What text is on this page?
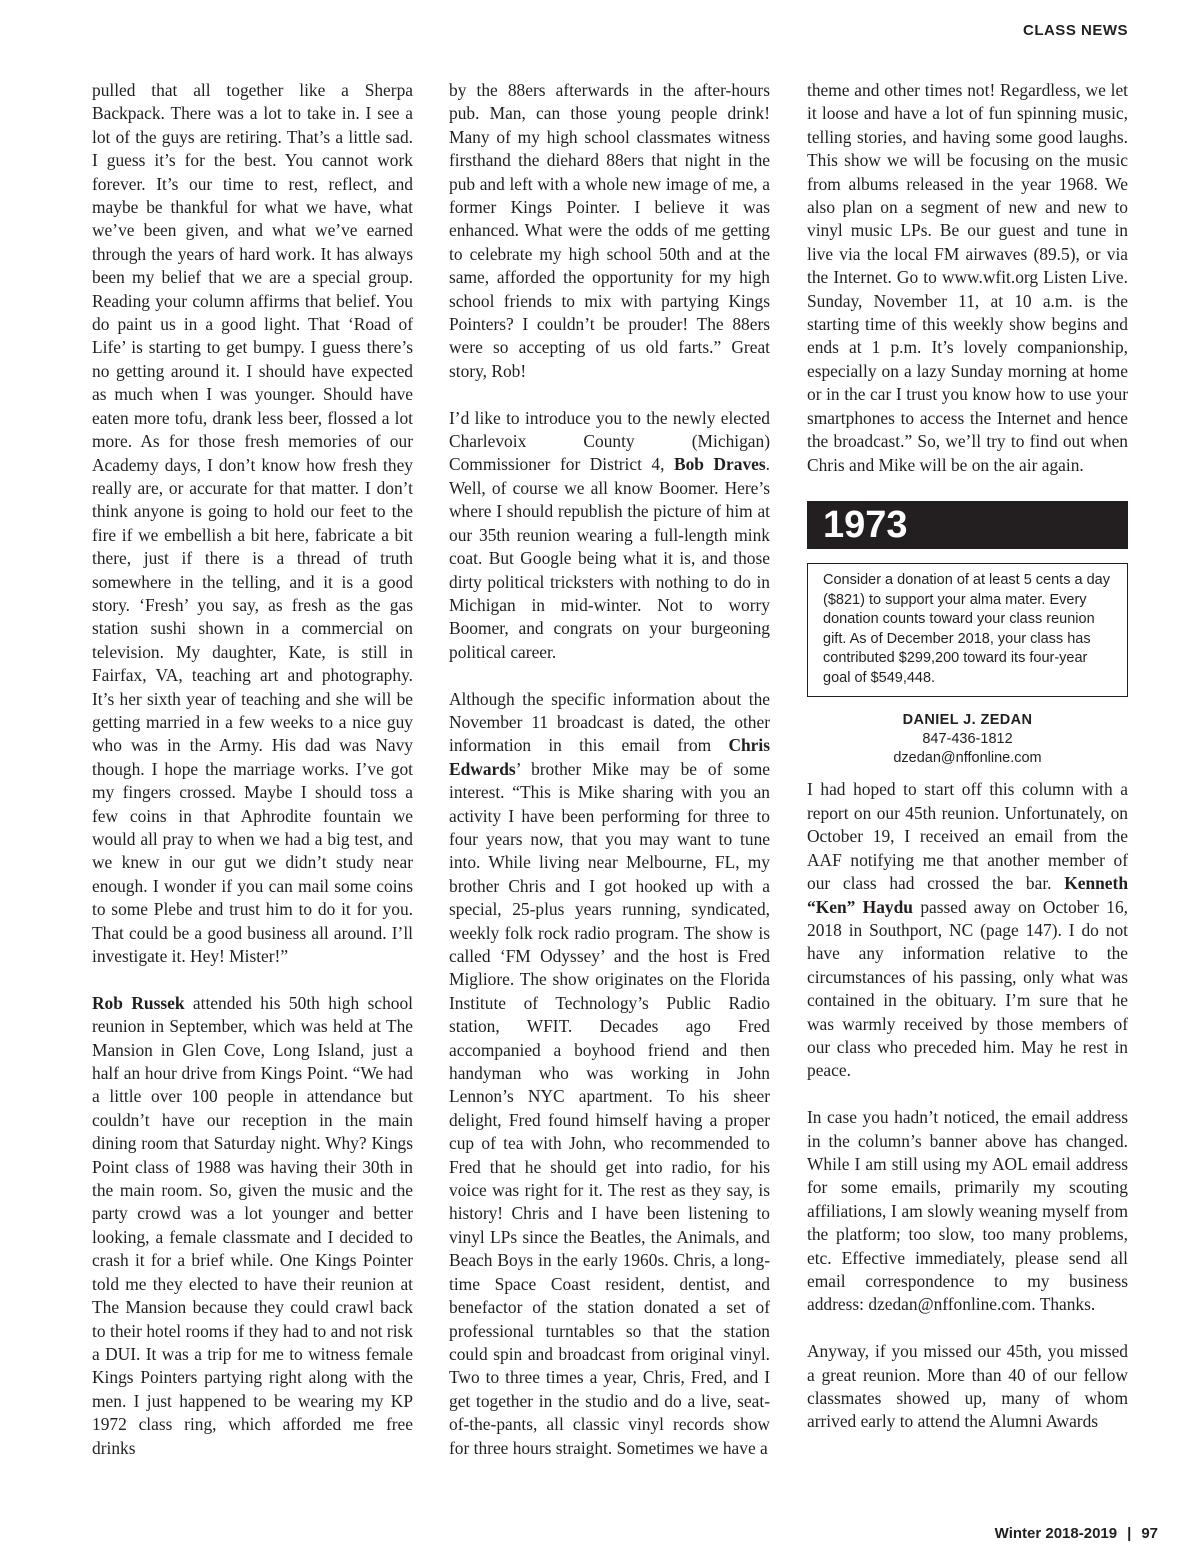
CLASS NEWS

pulled that all together like a Sherpa Backpack. There was a lot to take in. I see a lot of the guys are retiring. That’s a little sad. I guess it’s for the best. You cannot work forever. It’s our time to rest, reflect, and maybe be thankful for what we have, what we’ve been given, and what we’ve earned through the years of hard work. It has always been my belief that we are a special group. Reading your column affirms that belief. You do paint us in a good light. That ‘Road of Life’ is starting to get bumpy. I guess there’s no getting around it. I should have expected as much when I was younger. Should have eaten more tofu, drank less beer, flossed a lot more. As for those fresh memories of our Academy days, I don’t know how fresh they really are, or accurate for that matter. I don’t think anyone is going to hold our feet to the fire if we embellish a bit here, fabricate a bit there, just if there is a thread of truth somewhere in the telling, and it is a good story. ‘Fresh’ you say, as fresh as the gas station sushi shown in a commercial on television. My daughter, Kate, is still in Fairfax, VA, teaching art and photography. It’s her sixth year of teaching and she will be getting married in a few weeks to a nice guy who was in the Army. His dad was Navy though. I hope the marriage works. I’ve got my fingers crossed. Maybe I should toss a few coins in that Aphrodite fountain we would all pray to when we had a big test, and we knew in our gut we didn’t study near enough. I wonder if you can mail some coins to some Plebe and trust him to do it for you. That could be a good business all around. I’ll investigate it. Hey! Mister!”

Rob Russek attended his 50th high school reunion in September, which was held at The Mansion in Glen Cove, Long Island, just a half an hour drive from Kings Point. “We had a little over 100 people in attendance but couldn’t have our reception in the main dining room that Saturday night. Why? Kings Point class of 1988 was having their 30th in the main room. So, given the music and the party crowd was a lot younger and better looking, a female classmate and I decided to crash it for a brief while. One Kings Pointer told me they elected to have their reunion at The Mansion because they could crawl back to their hotel rooms if they had to and not risk a DUI. It was a trip for me to witness female Kings Pointers partying right along with the men. I just happened to be wearing my KP 1972 class ring, which afforded me free drinks

by the 88ers afterwards in the after-hours pub. Man, can those young people drink! Many of my high school classmates witness firsthand the diehard 88ers that night in the pub and left with a whole new image of me, a former Kings Pointer. I believe it was enhanced. What were the odds of me getting to celebrate my high school 50th and at the same, afforded the opportunity for my high school friends to mix with partying Kings Pointers? I couldn’t be prouder! The 88ers were so accepting of us old farts.” Great story, Rob!

I’d like to introduce you to the newly elected Charlevoix County (Michigan) Commissioner for District 4, Bob Draves. Well, of course we all know Boomer. Here’s where I should republish the picture of him at our 35th reunion wearing a full-length mink coat. But Google being what it is, and those dirty political tricksters with nothing to do in Michigan in mid-winter. Not to worry Boomer, and congrats on your burgeoning political career.

Although the specific information about the November 11 broadcast is dated, the other information in this email from Chris Edwards’ brother Mike may be of some interest. “This is Mike sharing with you an activity I have been performing for three to four years now, that you may want to tune into. While living near Melbourne, FL, my brother Chris and I got hooked up with a special, 25-plus years running, syndicated, weekly folk rock radio program. The show is called ‘FM Odyssey’ and the host is Fred Migliore. The show originates on the Florida Institute of Technology’s Public Radio station, WFIT. Decades ago Fred accompanied a boyhood friend and then handyman who was working in John Lennon’s NYC apartment. To his sheer delight, Fred found himself having a proper cup of tea with John, who recommended to Fred that he should get into radio, for his voice was right for it. The rest as they say, is history! Chris and I have been listening to vinyl LPs since the Beatles, the Animals, and Beach Boys in the early 1960s. Chris, a long-time Space Coast resident, dentist, and benefactor of the station donated a set of professional turntables so that the station could spin and broadcast from original vinyl. Two to three times a year, Chris, Fred, and I get together in the studio and do a live, seat-of-the-pants, all classic vinyl records show for three hours straight. Sometimes we have a

theme and other times not! Regardless, we let it loose and have a lot of fun spinning music, telling stories, and having some good laughs. This show we will be focusing on the music from albums released in the year 1968. We also plan on a segment of new and new to vinyl music LPs. Be our guest and tune in live via the local FM airwaves (89.5), or via the Internet. Go to www.wfit.org Listen Live. Sunday, November 11, at 10 a.m. is the starting time of this weekly show begins and ends at 1 p.m. It’s lovely companionship, especially on a lazy Sunday morning at home or in the car I trust you know how to use your smartphones to access the Internet and hence the broadcast.” So, we’ll try to find out when Chris and Mike will be on the air again.

1973
Consider a donation of at least 5 cents a day ($821) to support your alma mater. Every donation counts toward your class reunion gift. As of December 2018, your class has contributed $299,200 toward its four-year goal of $549,448.
DANIEL J. ZEDAN
847-436-1812
dzedan@nffonline.com

I had hoped to start off this column with a report on our 45th reunion. Unfortunately, on October 19, I received an email from the AAF notifying me that another member of our class had crossed the bar. Kenneth “Ken” Haydu passed away on October 16, 2018 in Southport, NC (page 147). I do not have any information relative to the circumstances of his passing, only what was contained in the obituary. I’m sure that he was warmly received by those members of our class who preceded him. May he rest in peace.

In case you hadn’t noticed, the email address in the column’s banner above has changed. While I am still using my AOL email address for some emails, primarily my scouting affiliations, I am slowly weaning myself from the platform; too slow, too many problems, etc. Effective immediately, please send all email correspondence to my business address: dzedan@nffonline.com. Thanks.

Anyway, if you missed our 45th, you missed a great reunion. More than 40 of our fellow classmates showed up, many of whom arrived early to attend the Alumni Awards

Winter 2018-2019 | 97
